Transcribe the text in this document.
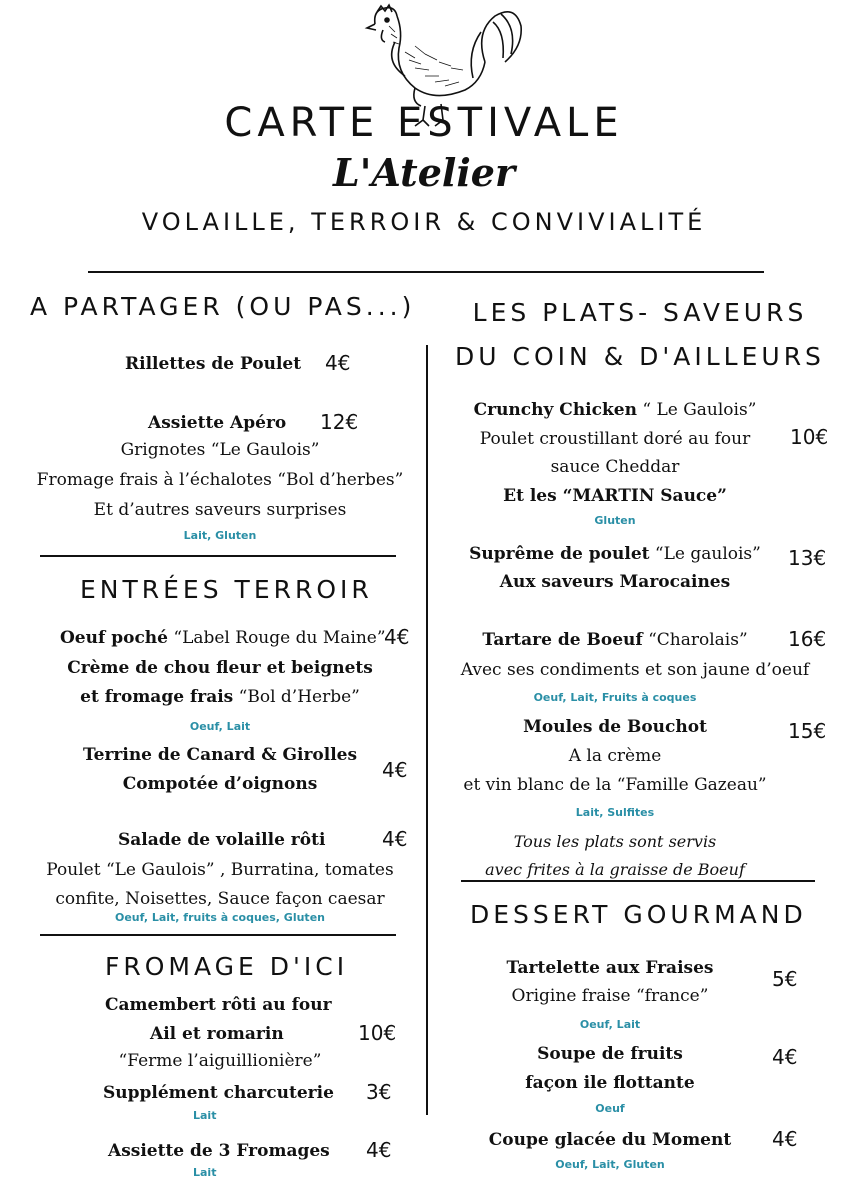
CARTE ESTIVALE
L'Atelier
VOLAILLE, TERROIR & CONVIVIALITÉ
A PARTAGER (OU PAS...)
Rillettes de Poulet 4€
Assiette Apéro 12€
Grignotes “Le Gaulois”
Fromage frais à l’échalotes “Bol d’herbes”
Et d’autres saveurs surprises
Lait, Gluten
ENTRÉES TERROIR
Oeuf poché “Label Rouge du Maine”
4€
Crème de chou fleur et beignets
et fromage frais “Bol d’Herbe”
Oeuf, Lait
Terrine de Canard & Girolles
Compotée d’oignons
4€
Salade de volaille rôti	4€
Poulet “Le Gaulois” , Burratina, tomates
confite, Noisettes, Sauce façon caesar
Oeuf, Lait, fruits à coques, Gluten
FROMAGE D'ICI
Camembert rôti au four
Ail et romarin	10€
“Ferme l’aiguillionière”
Supplément charcuterie 3€
Lait
Assiette de 3 Fromages 4€
Lait
LES PLATS- SAVEURS
DU COIN & D'AILLEURS
Crunchy Chicken “ Le Gaulois”
Poulet croustillant doré au four	10€
sauce Cheddar
Et les “MARTIN Sauce”
Gluten
Suprême de poulet “Le gaulois”	13€
Aux saveurs Marocaines
Tartare de Boeuf “Charolais”	16€
Avec ses condiments et son jaune d’oeuf
Oeuf, Lait, Fruits à coques
Moules de Bouchot	15€
A la crème
et vin blanc de la “Famille Gazeau”
Lait, Sulfites
Tous les plats sont servis
avec frites à la graisse de Boeuf
DESSERT GOURMAND
Tartelette aux Fraises	5€
Origine fraise “france”
Oeuf, Lait
Soupe de fruits	4€
façon ile flottante
Oeuf
Coupe glacée du Moment	4€
Oeuf, Lait, Gluten
